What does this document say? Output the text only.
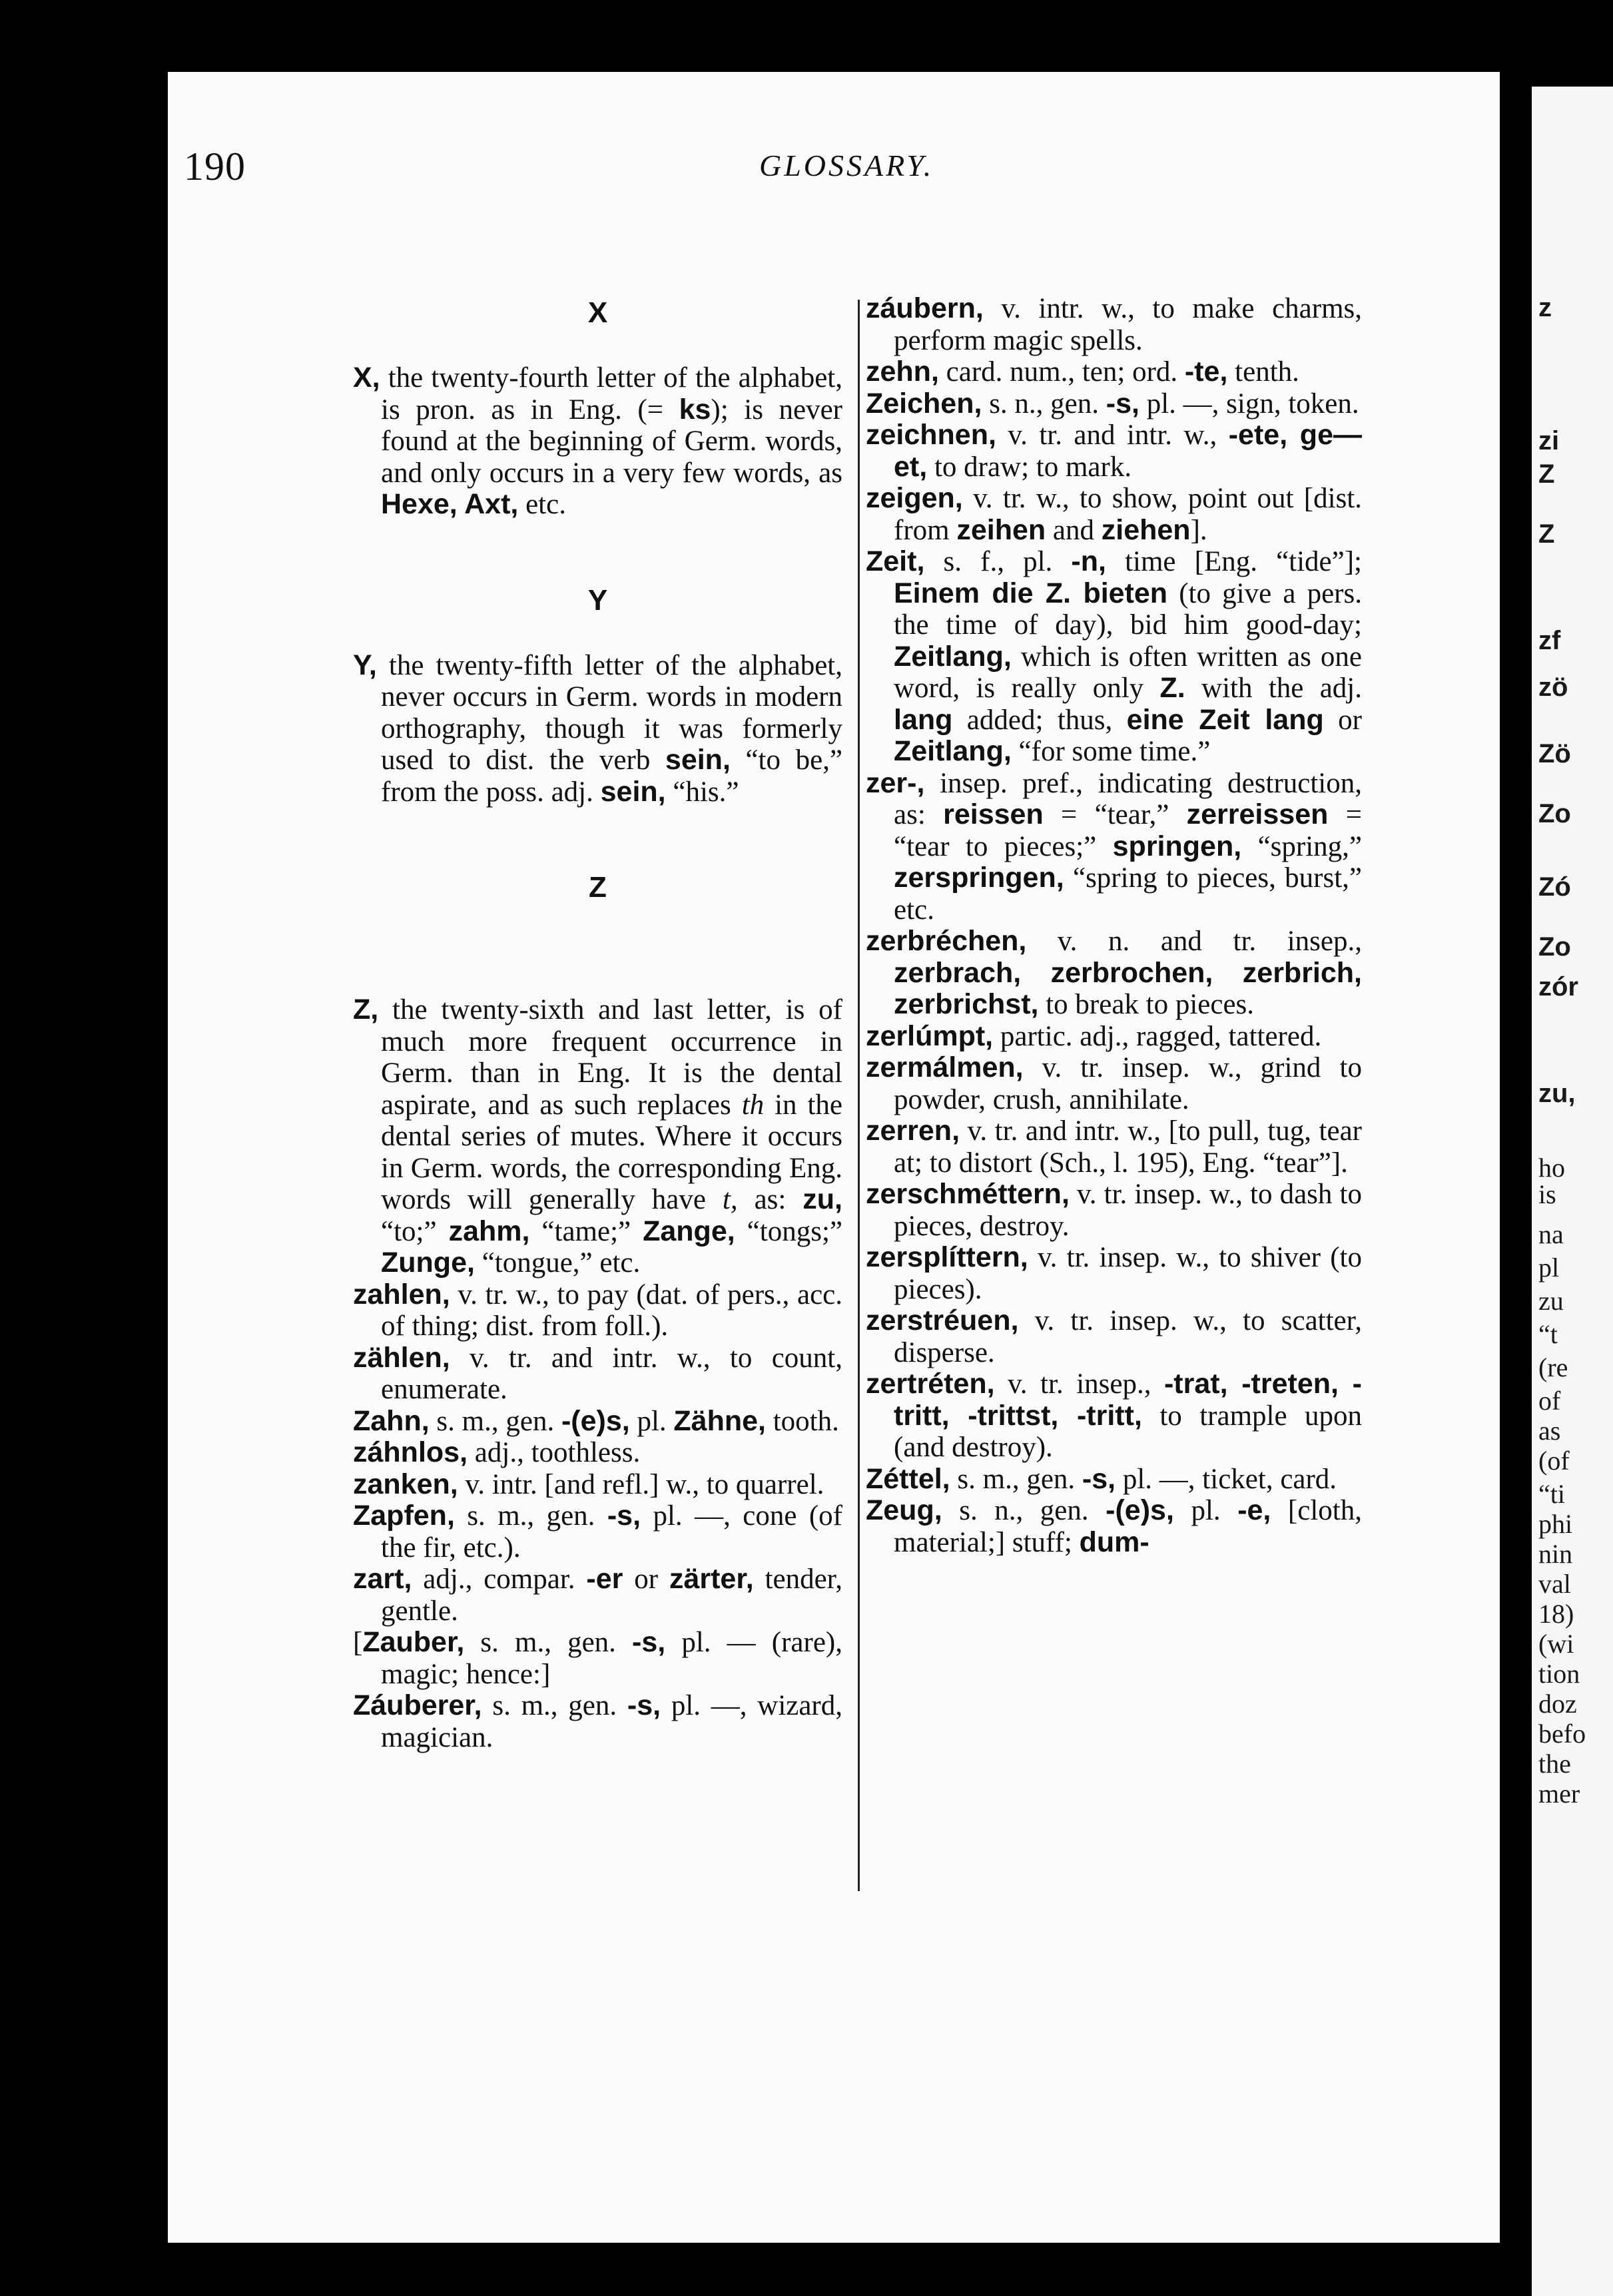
190	GLOSSARY.

X

X, the twenty-fourth letter of the alphabet, is pron. as in Eng. (= ks); is never found at the beginning of Germ. words, and only occurs in a very few words, as Hexe, Axt, etc.

Y

Y, the twenty-fifth letter of the alphabet, never occurs in Germ. words in modern orthography, though it was formerly used to dist. the verb sein, “to be,” from the poss. adj. sein, “his.”

Z

Z, the twenty-sixth and last letter, is of much more frequent occurrence in Germ. than in Eng. It is the dental aspirate, and as such replaces th in the dental series of mutes. Where it occurs in Germ. words, the corresponding Eng. words will generally have t, as: zu, “to;” zahm, “tame;” Zange, “tongs;” Zunge, “tongue,” etc.

zahlen, v. tr. w., to pay (dat. of pers., acc. of thing; dist. from foll.).

zählen, v. tr. and intr. w., to count, enumerate.

Zahn, s. m., gen. -(e)s, pl. Zähne, tooth.

záhnlos, adj., toothless.

zanken, v. intr. [and refl.] w., to quarrel.

Zapfen, s. m., gen. -s, pl. —, cone (of the fir, etc.).

zart, adj., compar. -er or zärter, tender, gentle.

[Zauber, s. m., gen. -s, pl. — (rare), magic; hence:]

Záuberer, s. m., gen. -s, pl. —, wizard, magician.

záubern, v. intr. w., to make charms, perform magic spells.

zehn, card. num., ten; ord. -te, tenth.

Zeichen, s. n., gen. -s, pl. —, sign, token.

zeichnen, v. tr. and intr. w., -ete, ge—et, to draw; to mark.

zeigen, v. tr. w., to show, point out [dist. from zeihen and ziehen].

Zeit, s. f., pl. -n, time [Eng. “tide”]; Einem die Z. bieten (to give a pers. the time of day), bid him good-day; Zeitlang, which is often written as one word, is really only Z. with the adj. lang added; thus, eine Zeit lang or Zeitlang, “for some time.”

zer-, insep. pref., indicating destruction, as: reissen = “tear,” zerreissen = “tear to pieces;” springen, “spring,” zerspringen, “spring to pieces, burst,” etc.

zerbréchen, v. n. and tr. insep., zerbrach, zerbrochen, zerbrich, zerbrichst, to break to pieces.

zerlúmpt, partic. adj., ragged, tattered.

zermálmen, v. tr. insep. w., grind to powder, crush, annihilate.

zerren, v. tr. and intr. w., [to pull, tug, tear at; to distort (Sch., l. 195), Eng. “tear”].

zerschméttern, v. tr. insep. w., to dash to pieces, destroy.

zersplíttern, v. tr. insep. w., to shiver (to pieces).

zerstréuen, v. tr. insep. w., to scatter, disperse.

zertréten, v. tr. insep., -trat, -treten, -tritt, -trittst, -tritt, to trample upon (and destroy).

Zéttel, s. m., gen. -s, pl. —, ticket, card.

Zeug, s. n., gen. -(e)s, pl. -e, [cloth, material;] stuff; dum-

z
zi
Z
Z
zf
zö
Zö
Zo
Zó
Zo
zór
zu,
ho
is
na
pl
zu
“t
(re
of
as
(of
“ti
phi
nin
val
18)
(wi
tion
doz
befo
the
mer
